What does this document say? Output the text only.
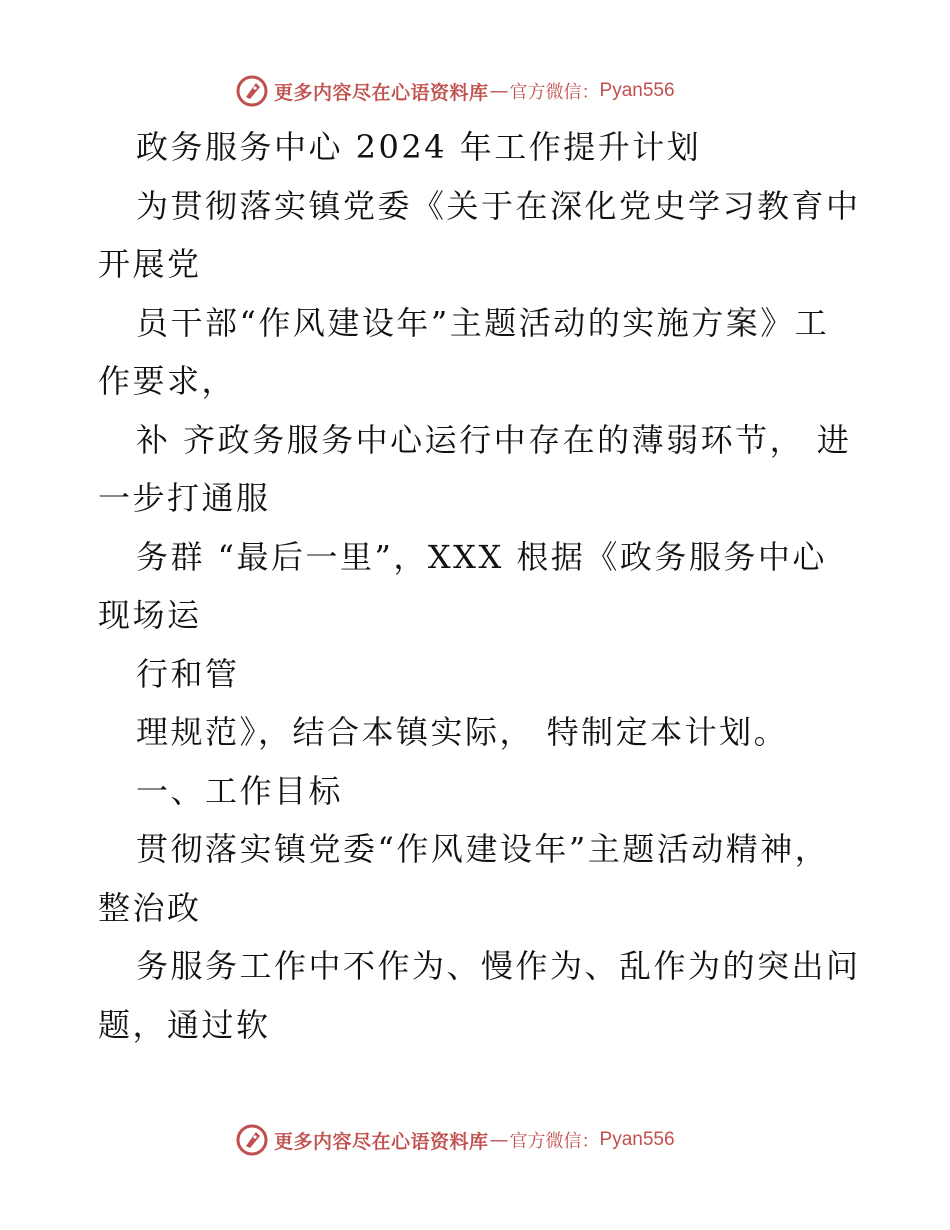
更多内容尽在心语资料库 — 官方微信： Pyan556

政务服务中心 2024 年工作提升计划

为贯彻落实镇党委《关于在深化党史学习教育中

开展党

员干部“作风建设年”主题活动的实施方案》工

作要求，

补 齐政务服务中心运行中存在的薄弱环节， 进

一步打通服

务群 “最后一里”，XXX 根据《政务服务中心

现场运

行和管

理规范》，结合本镇实际， 特制定本计划。

一、工作目标

贯彻落实镇党委“作风建设年”主题活动精神，

整治政

务服务工作中不作为、慢作为、乱作为的突出问

题，通过软

更多内容尽在心语资料库 — 官方微信： Pyan556
